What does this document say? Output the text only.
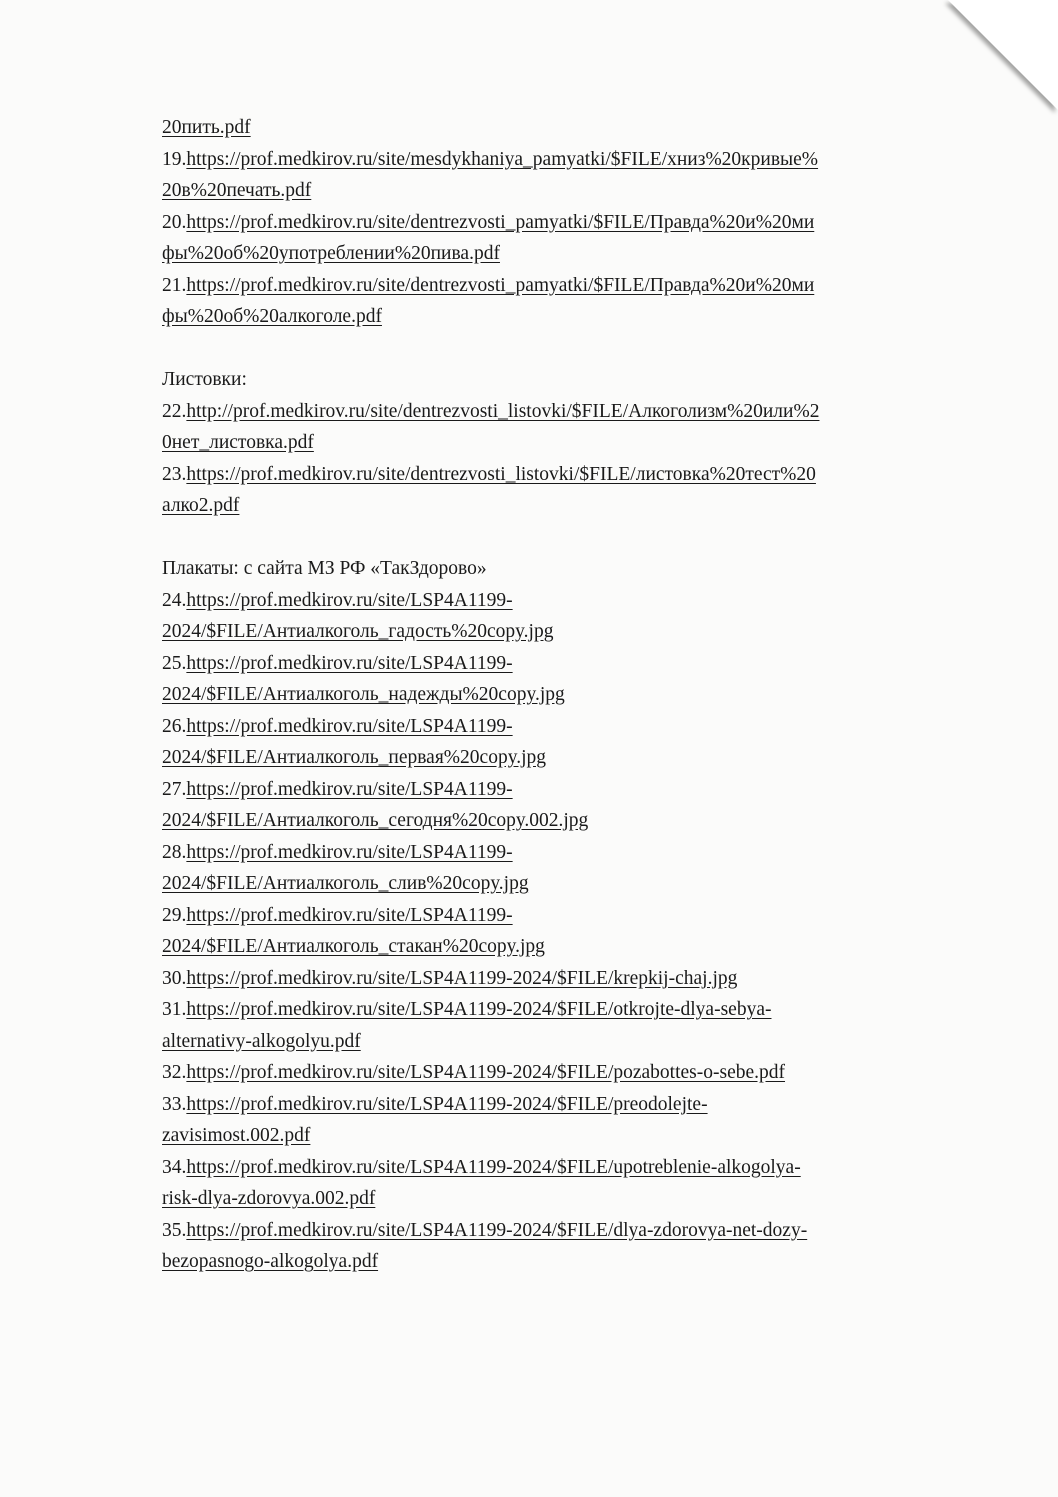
20пить.pdf
19.https://prof.medkirov.ru/site/mesdykhaniya_pamyatki/$FILE/хниз%20кривые%
20в%20печать.pdf
20.https://prof.medkirov.ru/site/dentrezvosti_pamyatki/$FILE/Правда%20и%20ми
фы%20об%20употреблении%20пива.pdf
21.https://prof.medkirov.ru/site/dentrezvosti_pamyatki/$FILE/Правда%20и%20ми
фы%20об%20алкоголе.pdf
Листовки:
22.http://prof.medkirov.ru/site/dentrezvosti_listovki/$FILE/Алкоголизм%20или%2
0нет_листовка.pdf
23.https://prof.medkirov.ru/site/dentrezvosti_listovki/$FILE/листовка%20тест%20
алко2.pdf
Плакаты: с сайта МЗ РФ «ТакЗдорово»
24.https://prof.medkirov.ru/site/LSP4A1199-
2024/$FILE/Антиалкоголь_гадость%20copy.jpg
25.https://prof.medkirov.ru/site/LSP4A1199-
2024/$FILE/Антиалкоголь_надежды%20copy.jpg
26.https://prof.medkirov.ru/site/LSP4A1199-
2024/$FILE/Антиалкоголь_первая%20copy.jpg
27.https://prof.medkirov.ru/site/LSP4A1199-
2024/$FILE/Антиалкоголь_сегодня%20copy.002.jpg
28.https://prof.medkirov.ru/site/LSP4A1199-
2024/$FILE/Антиалкоголь_слив%20copy.jpg
29.https://prof.medkirov.ru/site/LSP4A1199-
2024/$FILE/Антиалкоголь_стакан%20copy.jpg
30.https://prof.medkirov.ru/site/LSP4A1199-2024/$FILE/krepkij-chaj.jpg
31.https://prof.medkirov.ru/site/LSP4A1199-2024/$FILE/otkrojte-dlya-sebya-
alternativy-alkogolyu.pdf
32.https://prof.medkirov.ru/site/LSP4A1199-2024/$FILE/pozabottes-o-sebe.pdf
33.https://prof.medkirov.ru/site/LSP4A1199-2024/$FILE/preodolejte-
zavisimost.002.pdf
34.https://prof.medkirov.ru/site/LSP4A1199-2024/$FILE/upotreblenie-alkogolya-
risk-dlya-zdorovya.002.pdf
35.https://prof.medkirov.ru/site/LSP4A1199-2024/$FILE/dlya-zdorovya-net-dozy-
bezopasnogo-alkogolya.pdf
